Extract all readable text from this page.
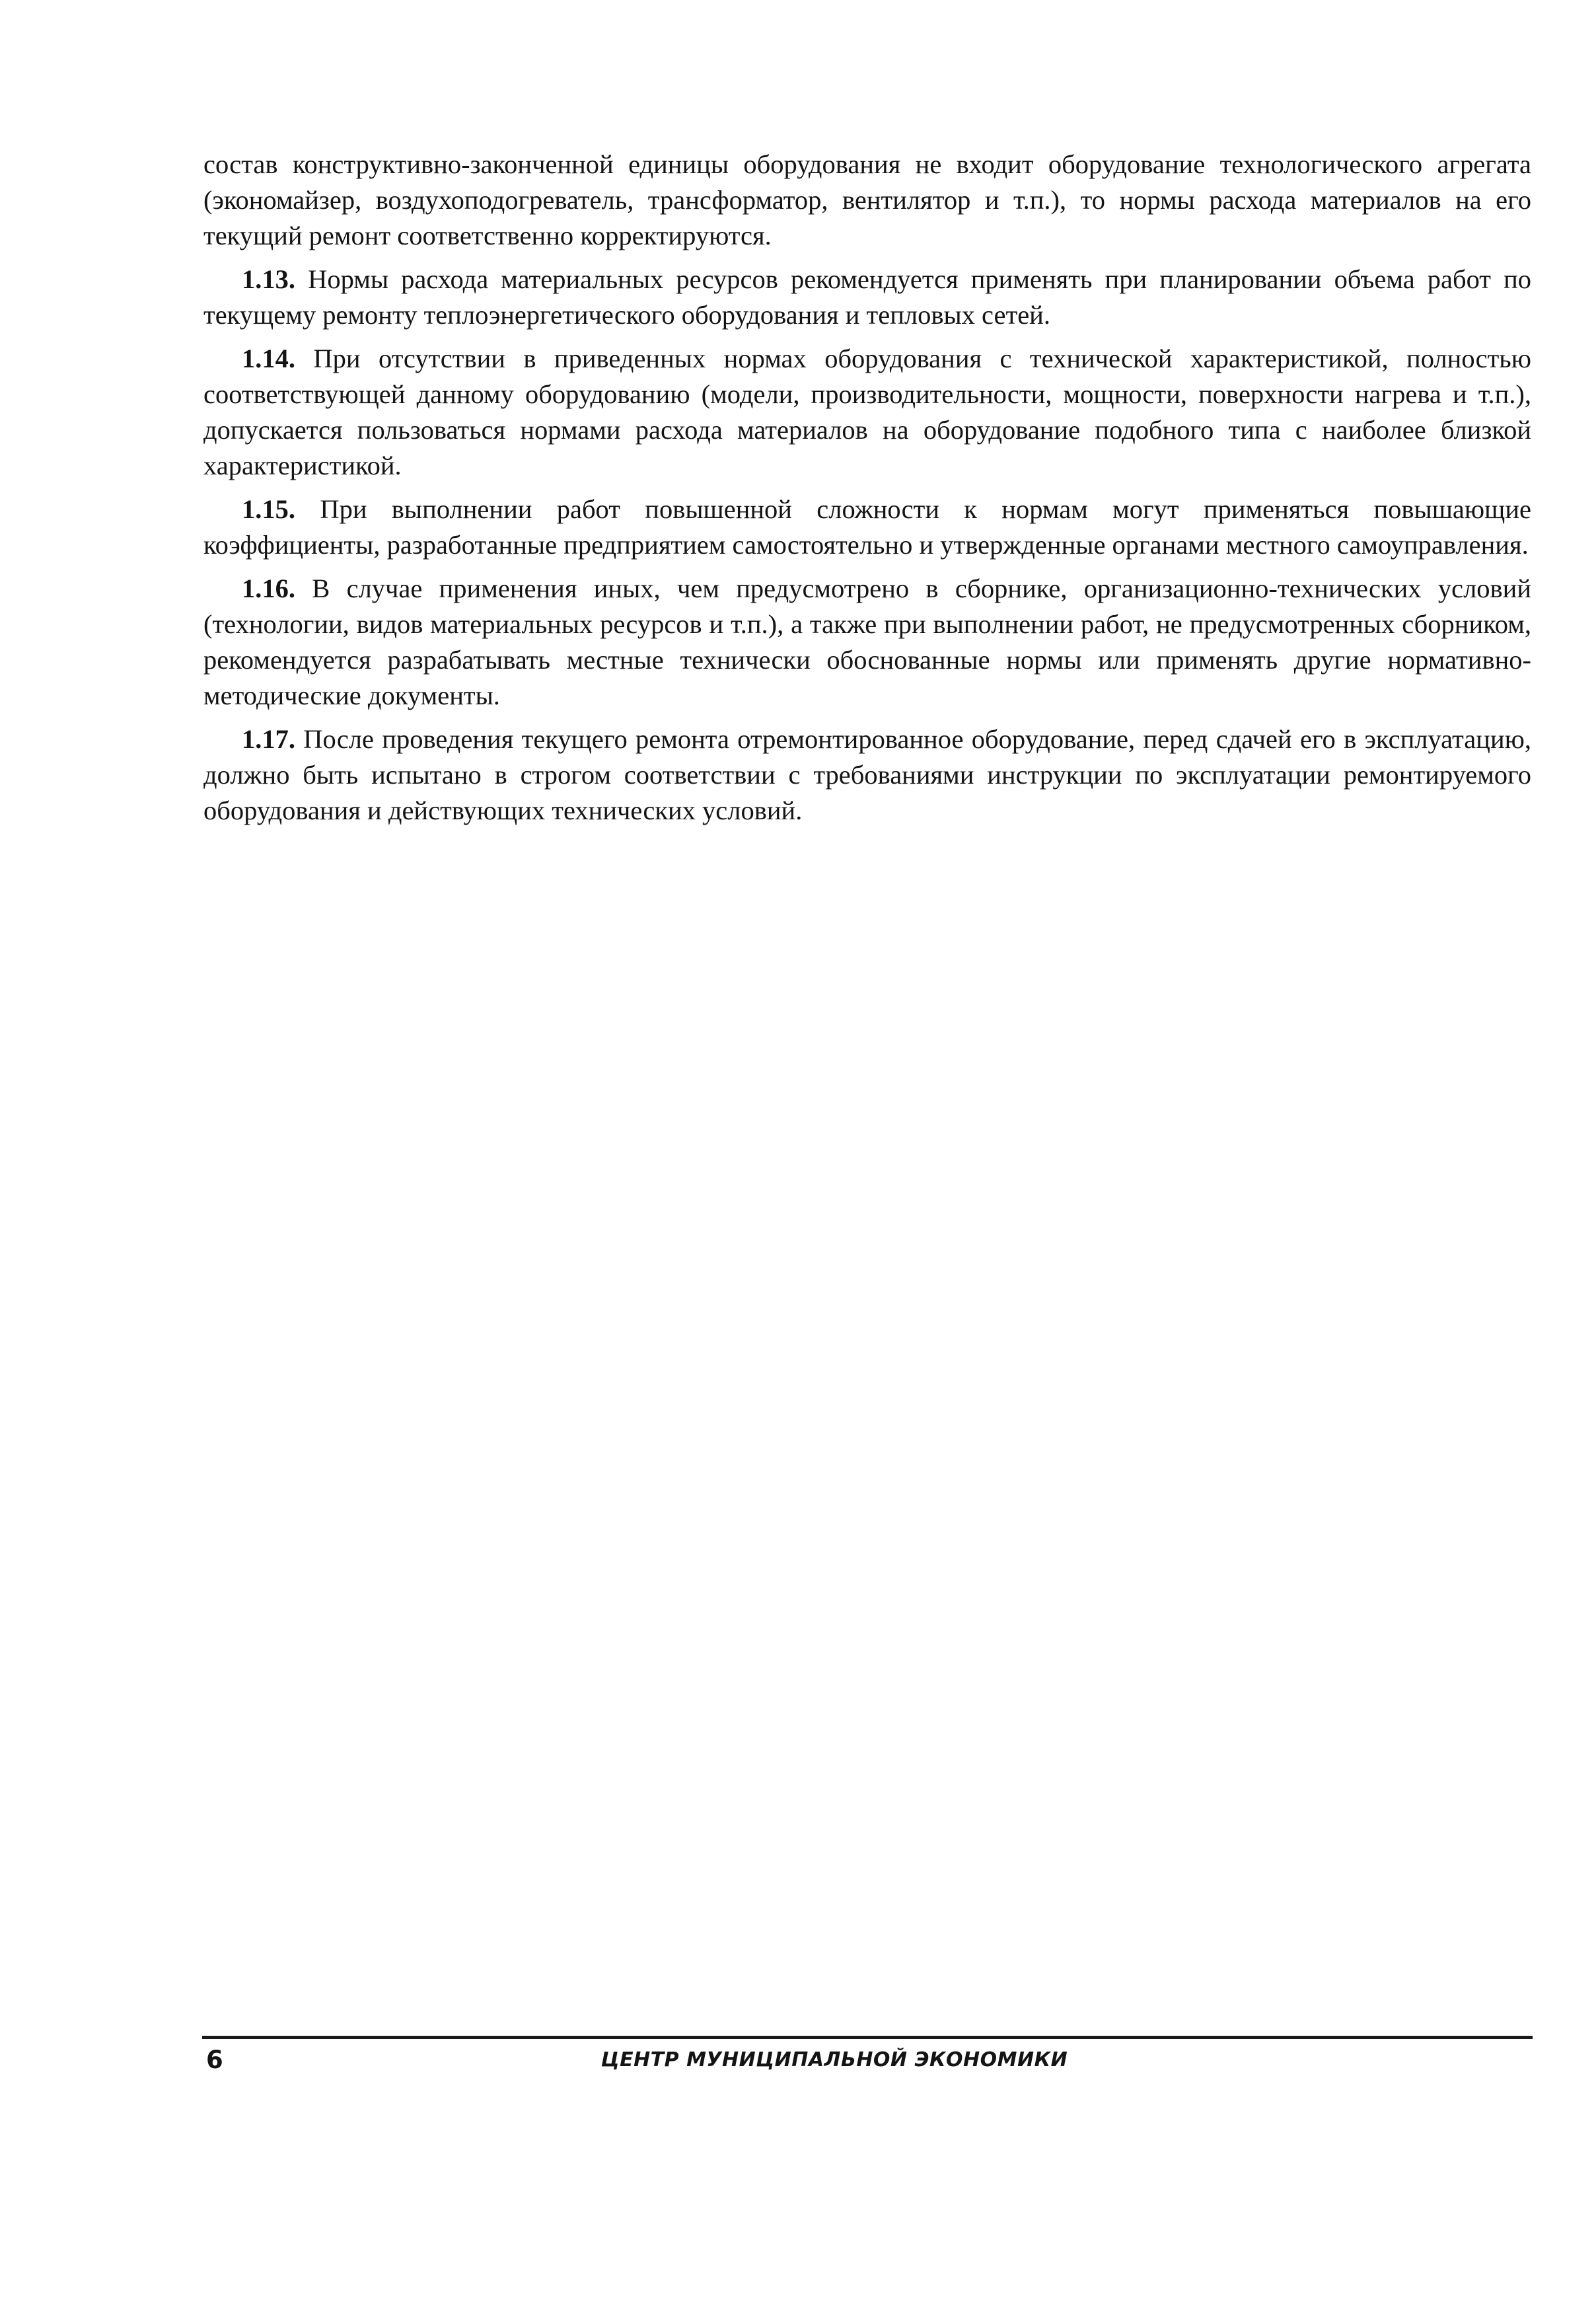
состав конструктивно-законченной единицы оборудования не входит оборудование технологического агрегата (экономайзер, воздухоподогреватель, трансформатор, вентилятор и т.п.), то нормы расхода материалов на его текущий ремонт соответственно корректируются.

1.13. Нормы расхода материальных ресурсов рекомендуется применять при планировании объема работ по текущему ремонту теплоэнергетического оборудования и тепловых сетей.

1.14. При отсутствии в приведенных нормах оборудования с технической характеристикой, полностью соответствующей данному оборудованию (модели, производительности, мощности, поверхности нагрева и т.п.), допускается пользоваться нормами расхода материалов на оборудование подобного типа с наиболее близкой характеристикой.

1.15. При выполнении работ повышенной сложности к нормам могут применяться повышающие коэффициенты, разработанные предприятием самостоятельно и утвержденные органами местного самоуправления.

1.16. В случае применения иных, чем предусмотрено в сборнике, организационно-технических условий (технологии, видов материальных ресурсов и т.п.), а также при выполнении работ, не предусмотренных сборником, рекомендуется разрабатывать местные технически обоснованные нормы или применять другие нормативно-методические документы.

1.17. После проведения текущего ремонта отремонтированное оборудование, перед сдачей его в эксплуатацию, должно быть испытано в строгом соответствии с требованиями инструкции по эксплуатации ремонтируемого оборудования и действующих технических условий.

6	ЦЕНТР МУНИЦИПАЛЬНОЙ ЭКОНОМИКИ
